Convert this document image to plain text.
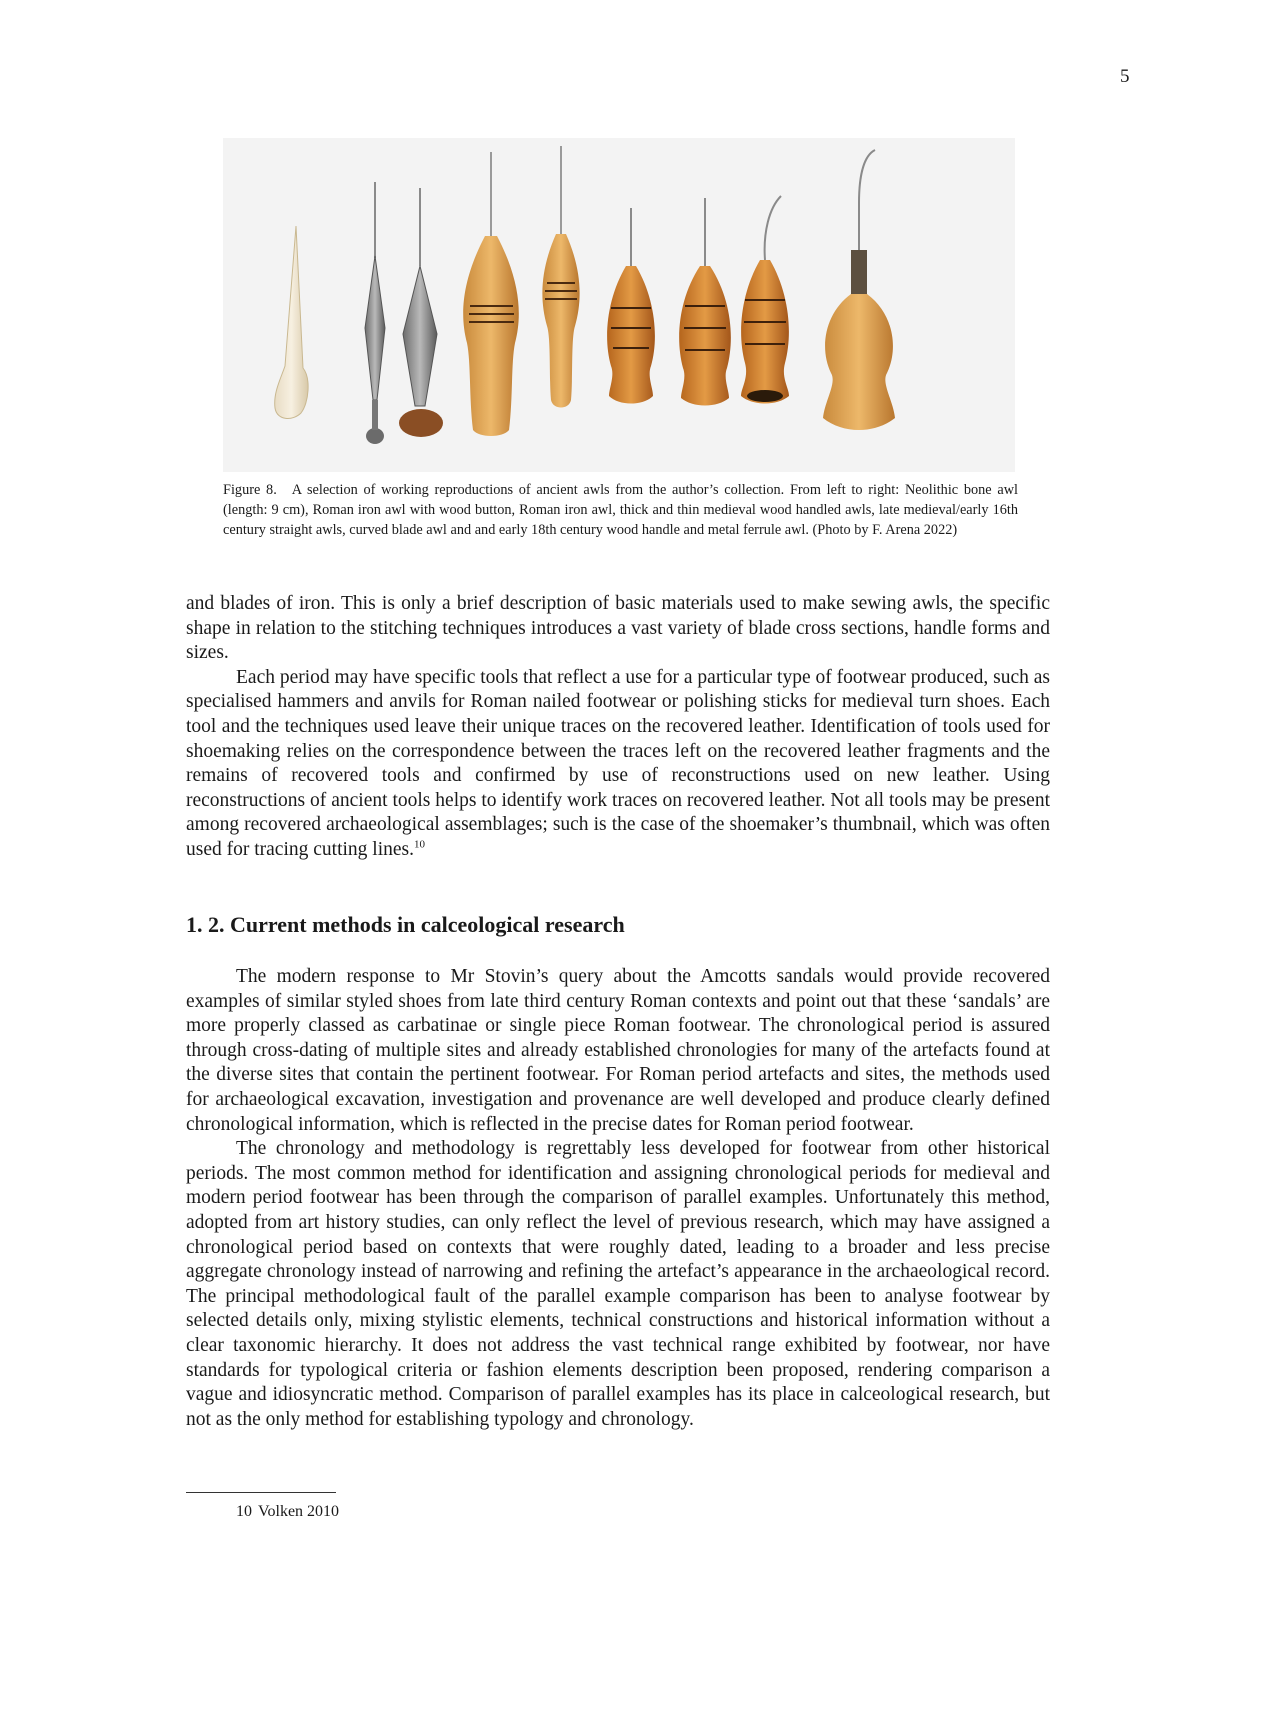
5
Figure 8. A selection of working reproductions of ancient awls from the author’s collection. From left to right: Neolithic bone awl (length: 9 cm), Roman iron awl with wood button, Roman iron awl, thick and thin medieval wood handled awls, late medieval/early 16th century straight awls, curved blade awl and and early 18th century wood handle and metal ferrule awl. (Photo by F. Arena 2022)

and blades of iron. This is only a brief description of basic materials used to make sewing awls, the specific shape in relation to the stitching techniques introduces a vast variety of blade cross sections, handle forms and sizes.

Each period may have specific tools that reflect a use for a particular type of footwear produced, such as specialised hammers and anvils for Roman nailed footwear or polishing sticks for medieval turn shoes. Each tool and the techniques used leave their unique traces on the recovered leather. Identification of tools used for shoemaking relies on the correspondence between the traces left on the recovered leather fragments and the remains of recovered tools and confirmed by use of reconstructions used on new leather. Using reconstructions of ancient tools helps to identify work traces on recovered leather. Not all tools may be present among recovered archaeological assemblages; such is the case of the shoemaker’s thumbnail, which was often used for tracing cutting lines.$^{10}$

1. 2. Current methods in calceological research

The modern response to Mr Stovin’s query about the Amcotts sandals would provide recovered examples of similar styled shoes from late third century Roman contexts and point out that these ‘sandals’ are more properly classed as carbatinae or single piece Roman footwear. The chronological period is assured through cross-dating of multiple sites and already established chronologies for many of the artefacts found at the diverse sites that contain the pertinent footwear. For Roman period artefacts and sites, the methods used for archaeological excavation, investigation and provenance are well developed and produce clearly defined chronological information, which is reflected in the precise dates for Roman period footwear.

The chronology and methodology is regrettably less developed for footwear from other historical periods. The most common method for identification and assigning chronological periods for medieval and modern period footwear has been through the comparison of parallel examples. Unfortunately this method, adopted from art history studies, can only reflect the level of previous research, which may have assigned a chronological period based on contexts that were roughly dated, leading to a broader and less precise aggregate chronology instead of narrowing and refining the artefact’s appearance in the archaeological record. The principal methodological fault of the parallel example comparison has been to analyse footwear by selected details only, mixing stylistic elements, technical constructions and historical information without a clear taxonomic hierarchy. It does not address the vast technical range exhibited by footwear, nor have standards for typological criteria or fashion elements description been proposed, rendering comparison a vague and idiosyncratic method. Comparison of parallel examples has its place in calceological research, but not as the only method for establishing typology and chronology.

10 Volken 2010
